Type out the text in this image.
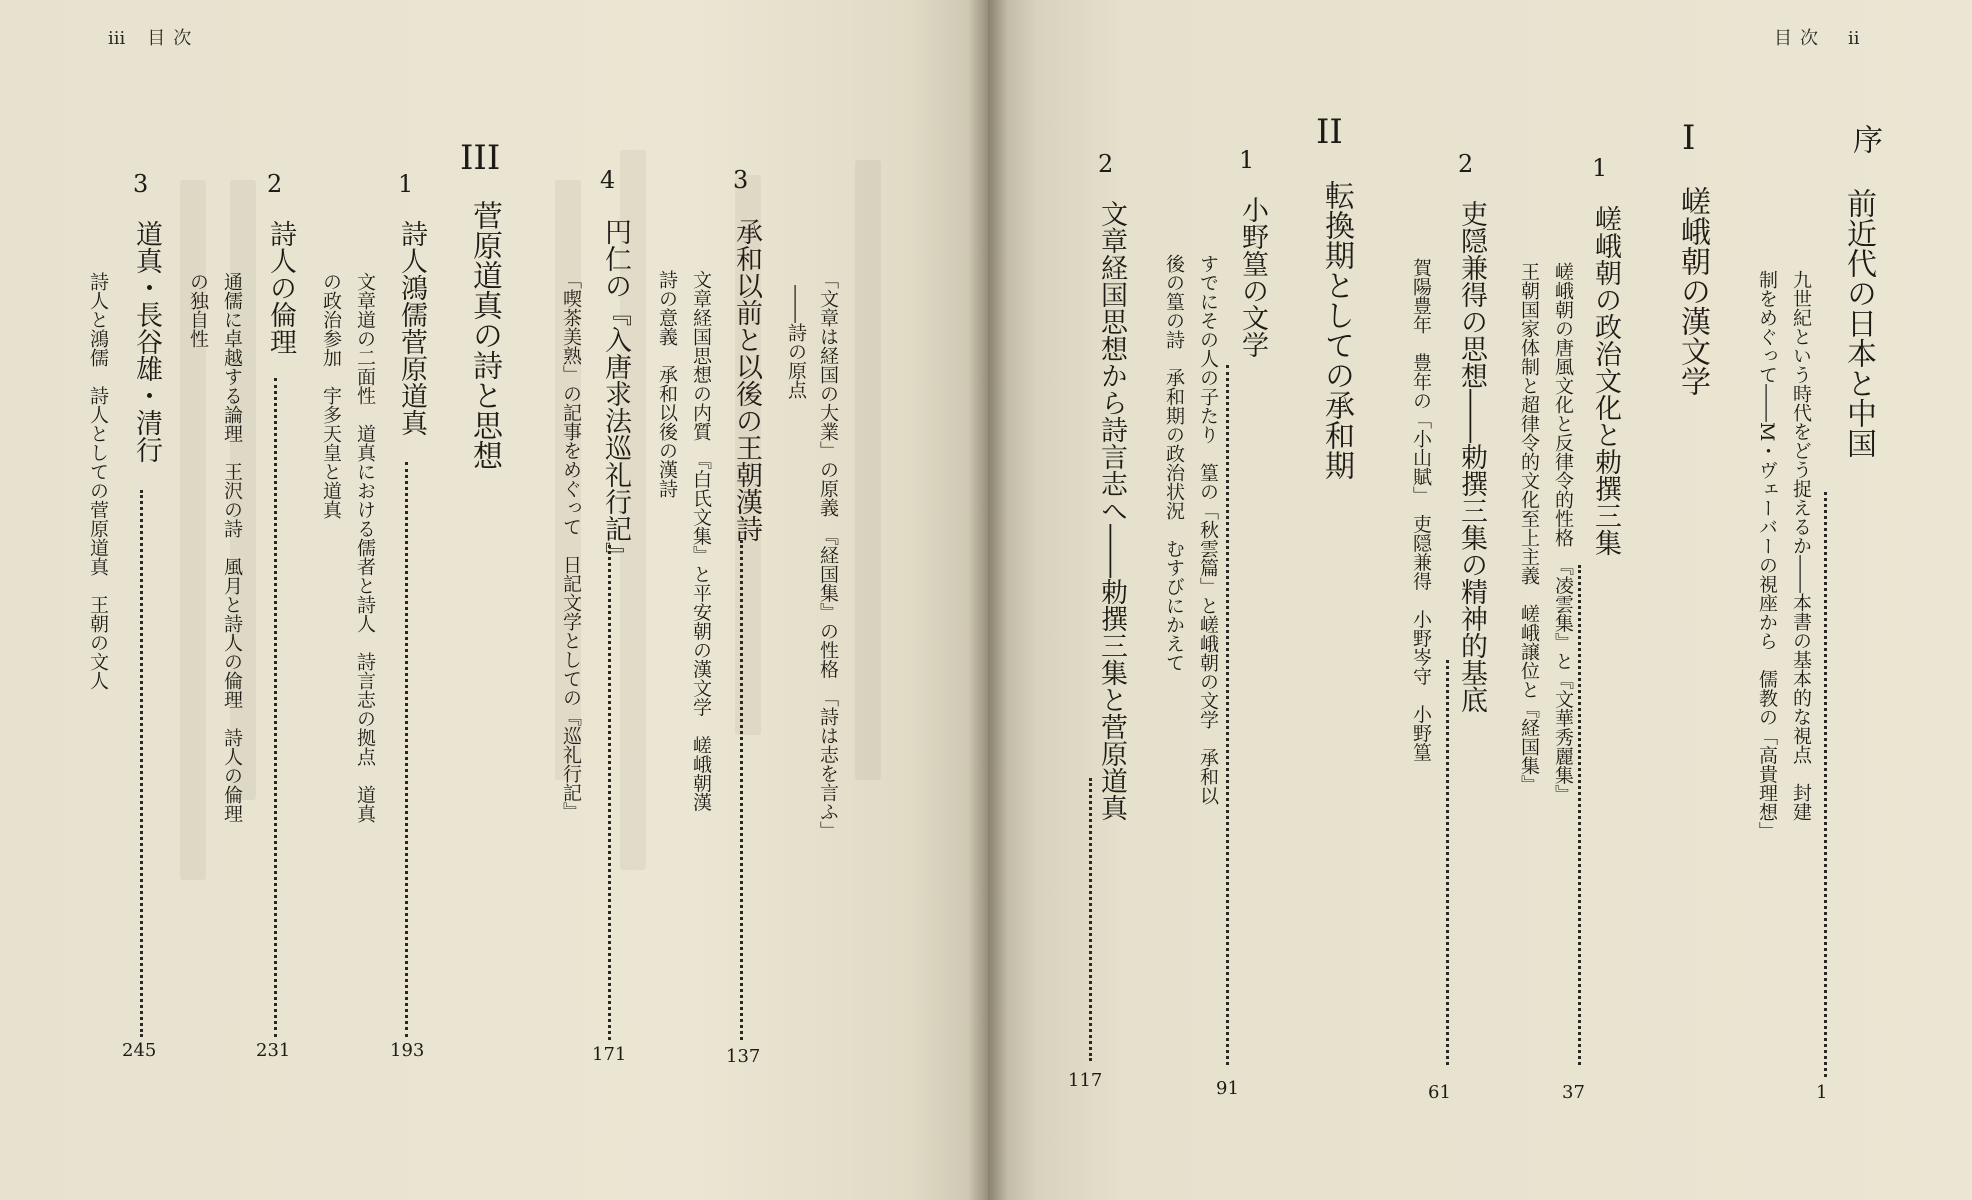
iii 目次
「文章は経国の大業」の原義　『経国集』の性格　「詩は志を言ふ」
――詩の原点
3
承和以前と以後の王朝漢詩
137
文章経国思想の内質　『白氏文集』と平安朝の漢文学　嵯峨朝漢
詩の意義　承和以後の漢詩
4
円仁の『入唐求法巡礼行記』
171
「喫茶美熟」の記事をめぐって　日記文学としての『巡礼行記』
III
菅原道真の詩と思想
1
詩人鴻儒菅原道真
193
文章道の二面性　道真における儒者と詩人　詩言志の拠点　道真
の政治参加　宇多天皇と道真
2
詩人の倫理
231
通儒に卓越する論理　王沢の詩　風月と詩人の倫理　詩人の倫理
の独自性
3
道真・長谷雄・清行
245
詩人と鴻儒　詩人としての菅原道真　王朝の文人
目次 ii
序
前近代の日本と中国
1
九世紀という時代をどう捉えるか――本書の基本的な視点　封建
制をめぐって――M・ヴェーバーの視座から　儒教の「高貴理想」
I
嵯峨朝の漢文学
1
嵯峨朝の政治文化と勅撰三集
37
嵯峨朝の唐風文化と反律令的性格　『凌雲集』と『文華秀麗集』
王朝国家体制と超律令的文化至上主義　嵯峨譲位と『経国集』
2
吏隠兼得の思想――勅撰三集の精神的基底
61
賀陽豊年　豊年の「小山賦」　吏隠兼得　小野岑守　小野篁
II
転換期としての承和期
1
小野篁の文学
91
すでにその人の子たり　篁の「秋雲篇」と嵯峨朝の文学　承和以
後の篁の詩　承和期の政治状況　むすびにかえて
2
文章経国思想から詩言志へ――勅撰三集と菅原道真
117
